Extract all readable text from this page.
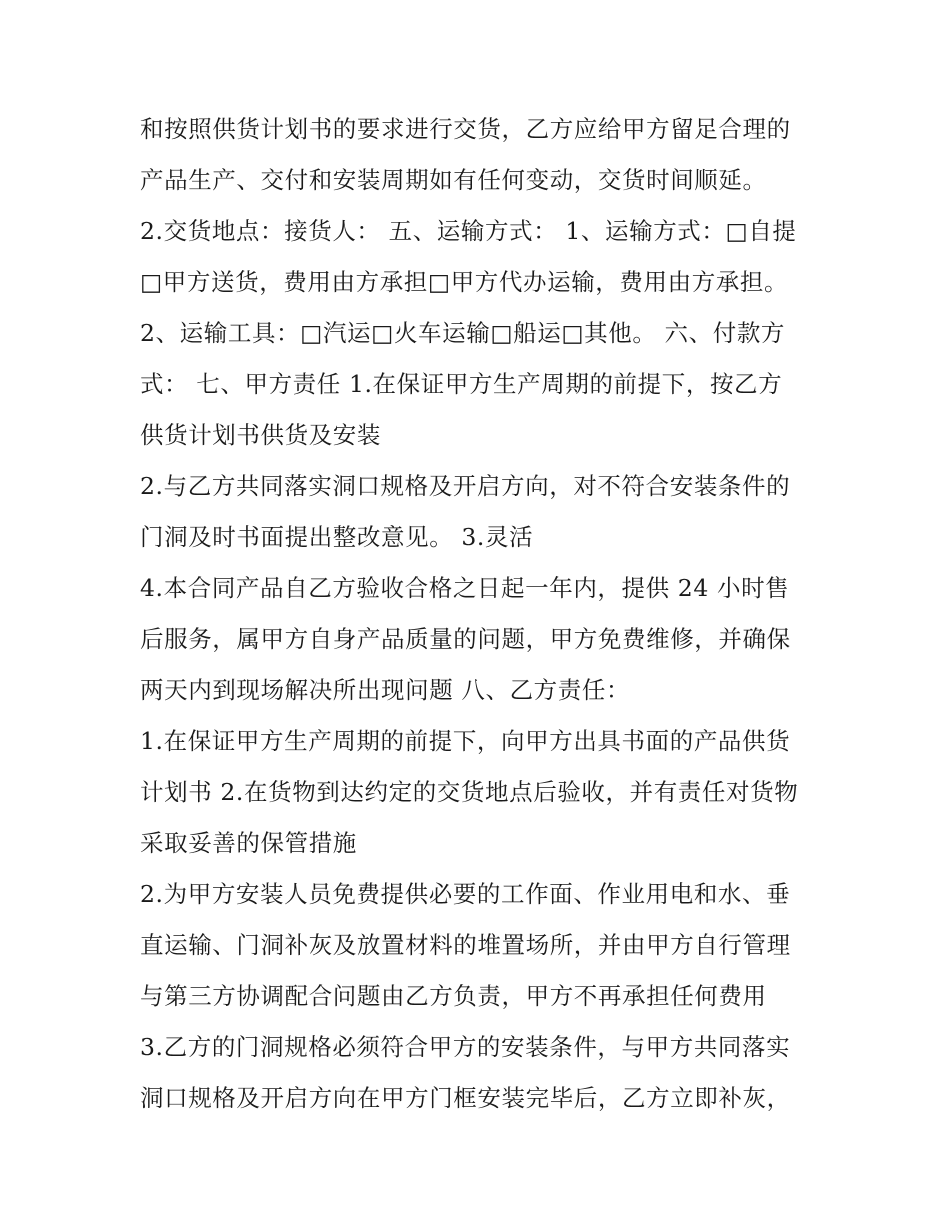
和按照供货计划书的要求进行交货，乙方应给甲方留足合理的
产品生产、交付和安装周期如有任何变动，交货时间顺延。
2.交货地点：接货人： 五、运输方式： 1、运输方式：□自提
□甲方送货，费用由方承担□甲方代办运输，费用由方承担。
2、运输工具：□汽运□火车运输□船运□其他。 六、付款方
式： 七、甲方责任 1.在保证甲方生产周期的前提下，按乙方
供货计划书供货及安装
2.与乙方共同落实洞口规格及开启方向，对不符合安装条件的
门洞及时书面提出整改意见。 3.灵活
4.本合同产品自乙方验收合格之日起一年内，提供 24 小时售
后服务，属甲方自身产品质量的问题，甲方免费维修，并确保
两天内到现场解决所出现问题 八、乙方责任：
1.在保证甲方生产周期的前提下，向甲方出具书面的产品供货
计划书 2.在货物到达约定的交货地点后验收，并有责任对货物
采取妥善的保管措施
2.为甲方安装人员免费提供必要的工作面、作业用电和水、垂
直运输、门洞补灰及放置材料的堆置场所，并由甲方自行管理
与第三方协调配合问题由乙方负责，甲方不再承担任何费用
3.乙方的门洞规格必须符合甲方的安装条件，与甲方共同落实
洞口规格及开启方向在甲方门框安装完毕后，乙方立即补灰，
